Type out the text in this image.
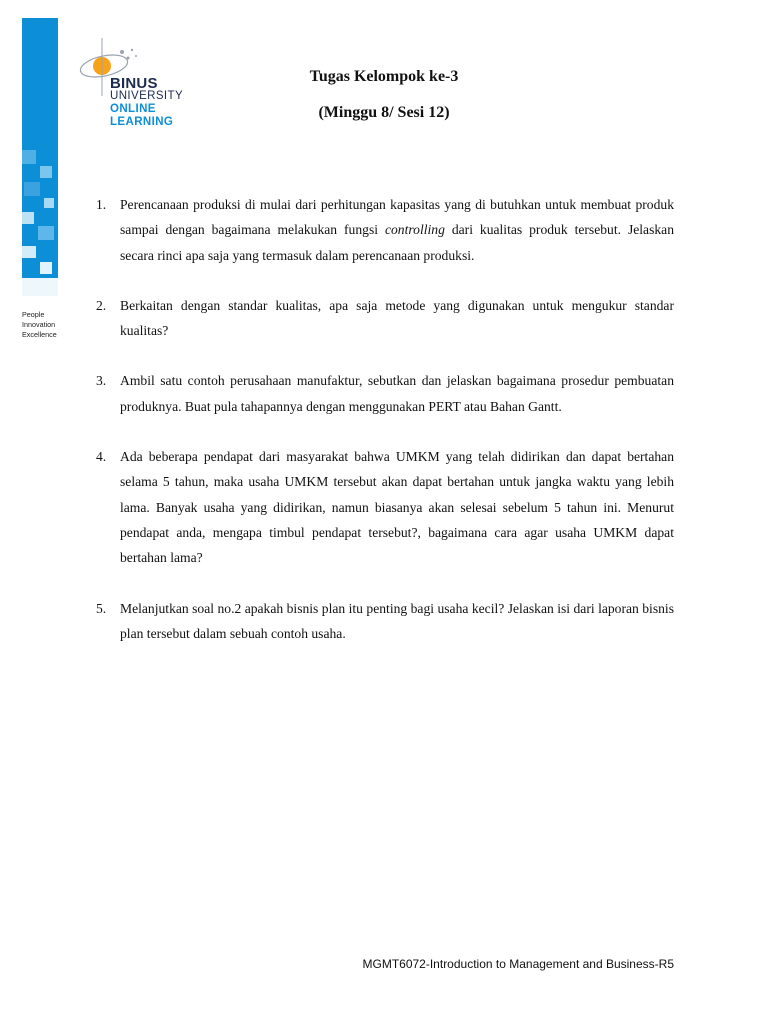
People
Innovation
Excellence
BINUS
UNIVERSITY
ONLINE
LEARNING
Tugas Kelompok ke-3
(Minggu 8/ Sesi 12)
1. Perencanaan produksi di mulai dari perhitungan kapasitas yang di butuhkan untuk membuat produk sampai dengan bagaimana melakukan fungsi controlling dari kualitas produk tersebut. Jelaskan secara rinci apa saja yang termasuk dalam perencanaan produksi.
2. Berkaitan dengan standar kualitas, apa saja metode yang digunakan untuk mengukur standar kualitas?
3. Ambil satu contoh perusahaan manufaktur, sebutkan dan jelaskan bagaimana prosedur pembuatan produknya. Buat pula tahapannya dengan menggunakan PERT atau Bahan Gantt.
4. Ada beberapa pendapat dari masyarakat bahwa UMKM yang telah didirikan dan dapat bertahan selama 5 tahun, maka usaha UMKM tersebut akan dapat bertahan untuk jangka waktu yang lebih lama. Banyak usaha yang didirikan, namun biasanya akan selesai sebelum 5 tahun ini. Menurut pendapat anda, mengapa timbul pendapat tersebut?, bagaimana cara agar usaha UMKM dapat bertahan lama?
5. Melanjutkan soal no.2 apakah bisnis plan itu penting bagi usaha kecil? Jelaskan isi dari laporan bisnis plan tersebut dalam sebuah contoh usaha.
MGMT6072-Introduction to Management and Business-R5
